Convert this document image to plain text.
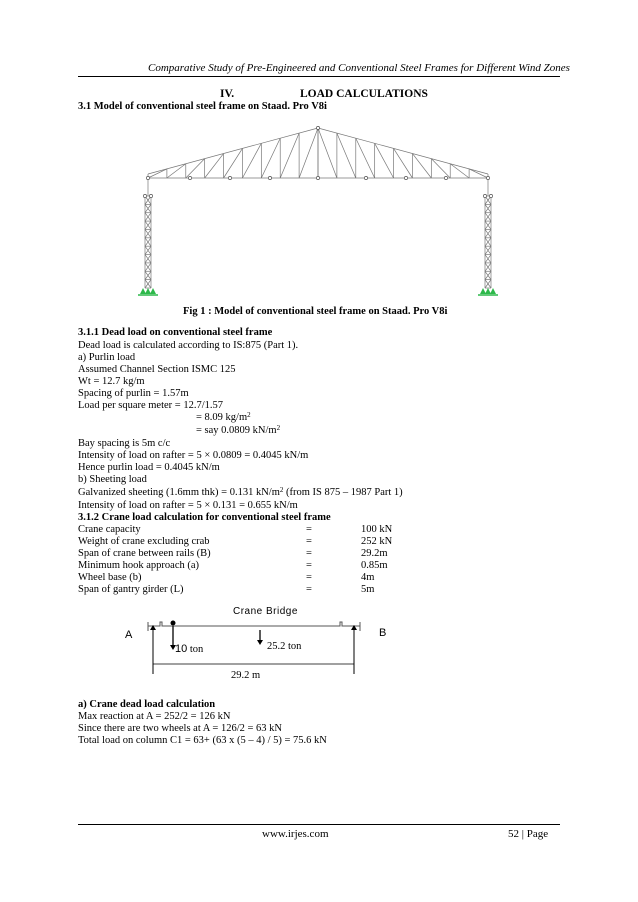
Comparative Study of Pre-Engineered and Conventional Steel Frames for Different Wind Zones
IV.	LOAD CALCULATIONS
3.1 Model of conventional steel frame on Staad. Pro V8i
Fig 1 : Model of conventional steel frame on Staad. Pro V8i
3.1.1 Dead load on conventional steel frame
Dead load is calculated according to IS:875 (Part 1).
a) Purlin load
Assumed Channel Section ISMC 125
Wt = 12.7 kg/m
Spacing of purlin = 1.57m
Load per square meter = 12.7/1.57
= 8.09 $kg/m^2$
= say 0.0809 $kN/m^2$
Bay spacing is 5m c/c
Intensity of load on rafter = 5 × 0.0809 = 0.4045 kN/m
Hence purlin load = 0.4045 kN/m
b) Sheeting load
Galvanized sheeting (1.6mm thk) = 0.131 $kN/m^2$ (from IS 875 – 1987 Part 1)
Intensity of load on rafter = 5 × 0.131 = 0.655 kN/m
3.1.2 Crane load calculation for conventional steel frame
Crane capacity	=	100 kN
Weight of crane excluding crab	=	252 kN
Span of crane between rails (B)	=	29.2m
Minimum hook approach (a)	=	0.85m
Wheel base (b)	=	4m
Span of gantry girder (L)	=	5m
Crane Bridge
A	B
10 ton	25.2 ton
29.2 m
a) Crane dead load calculation
Max reaction at A = 252/2 = 126 kN
Since there are two wheels at A = 126/2 = 63 kN
Total load on column C1 = 63+ (63 x (5 – 4) / 5) = 75.6 kN
www.irjes.com	52 | Page
